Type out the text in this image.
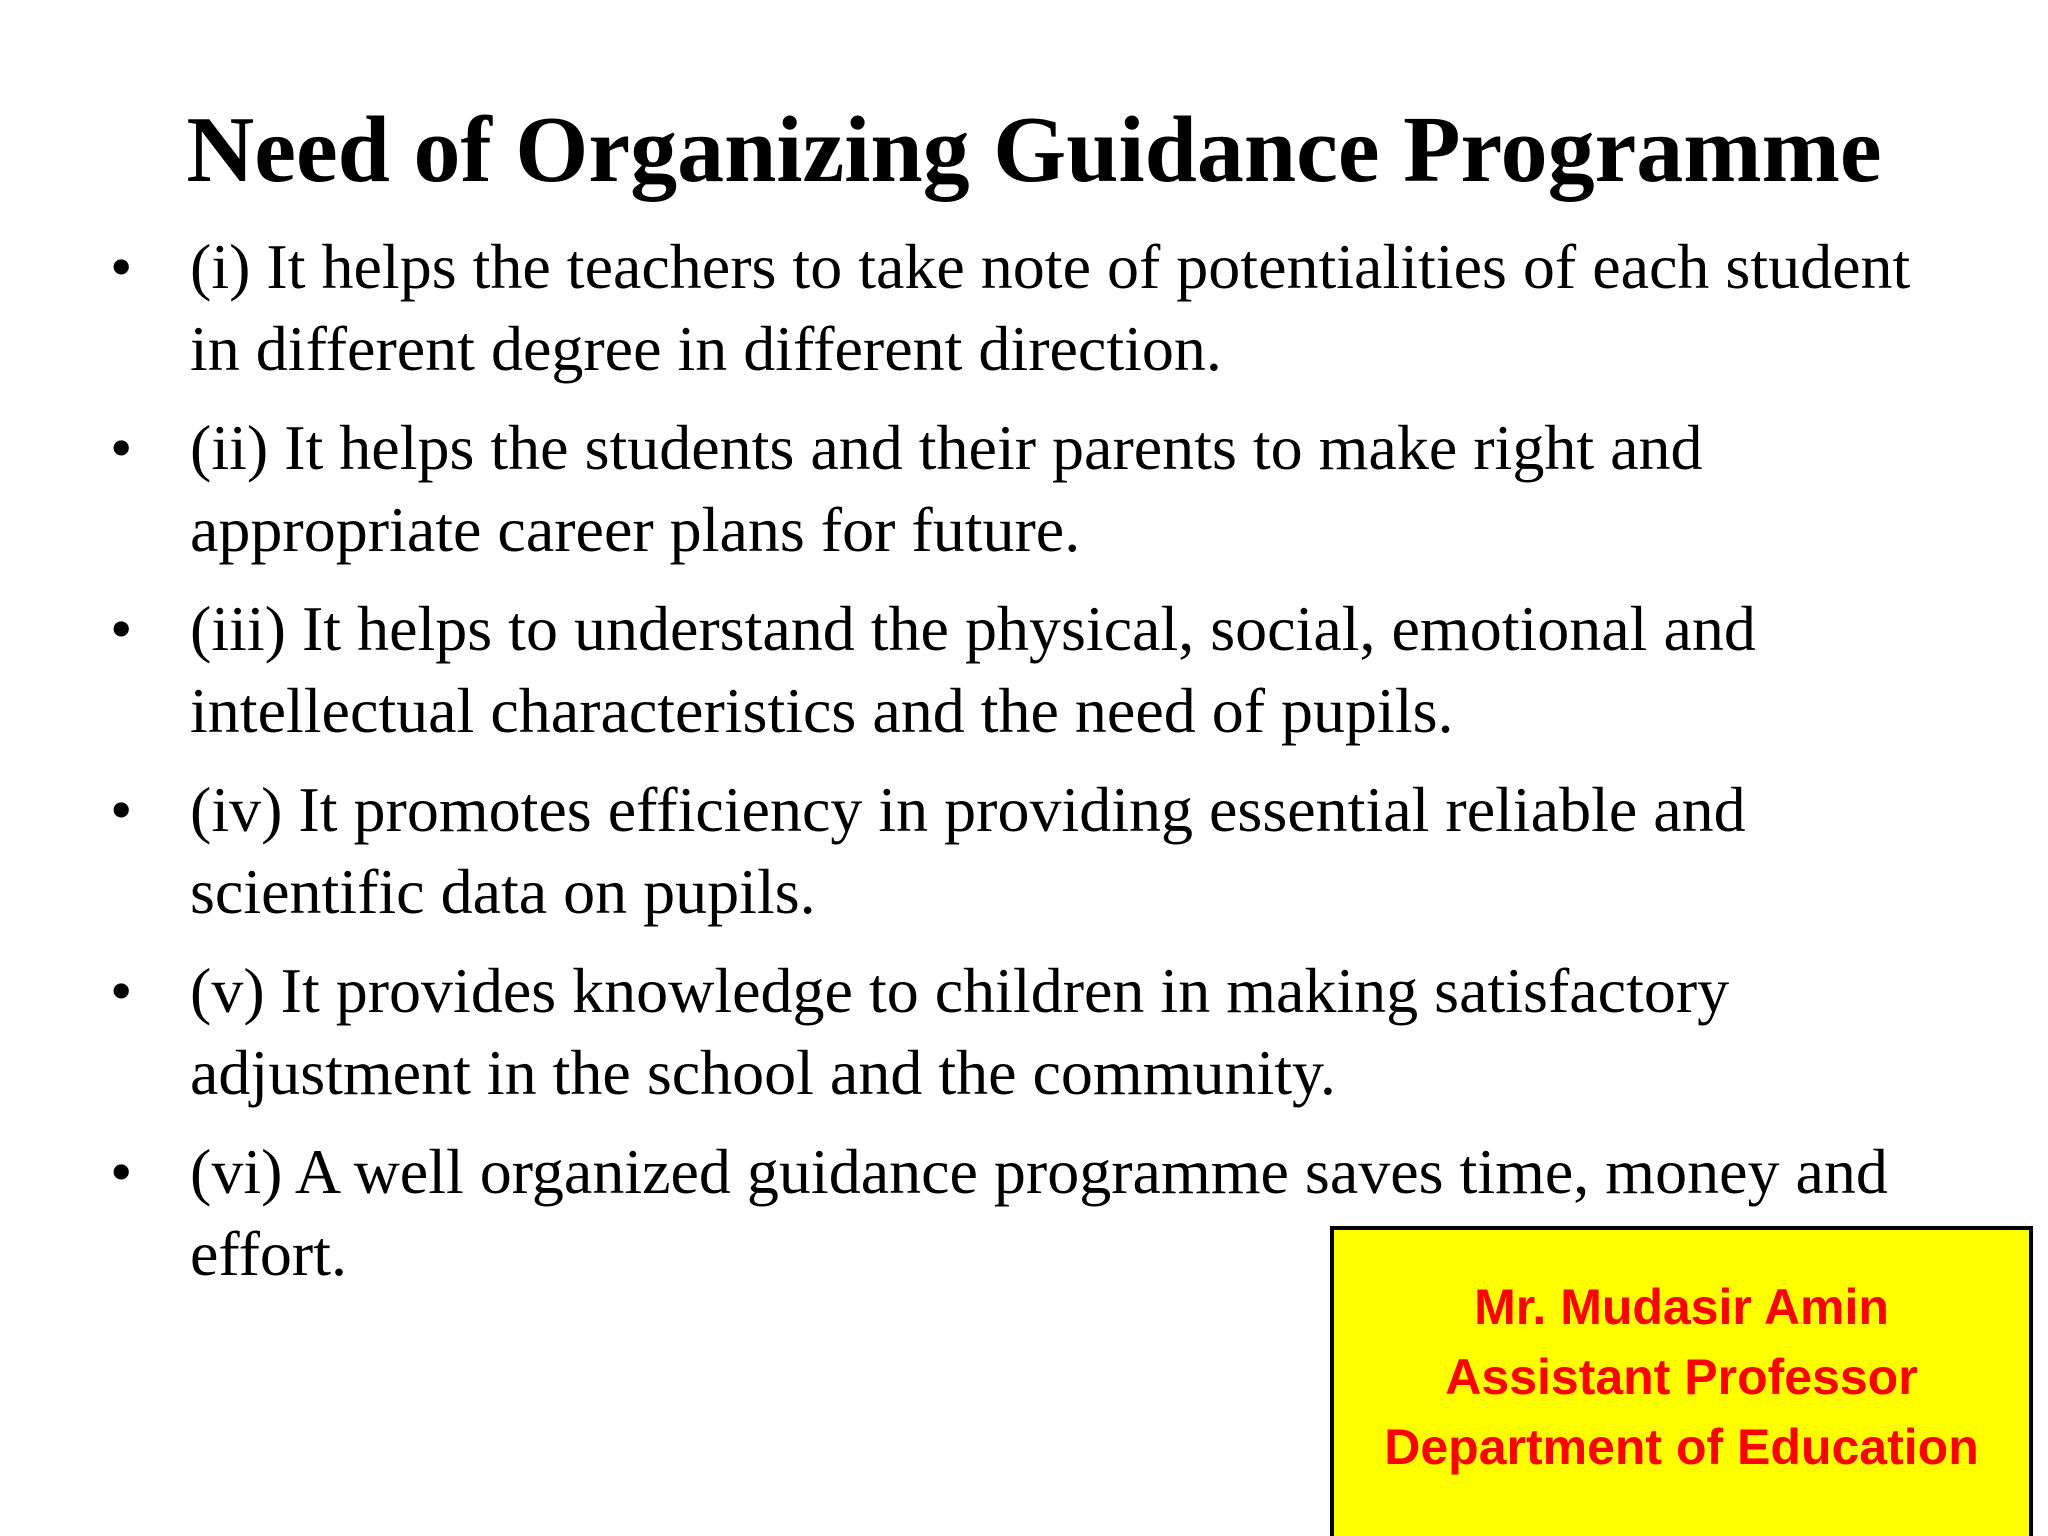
Need of Organizing Guidance Programme
• (i) It helps the teachers to take note of potentialities of each student in different degree in different direction.
• (ii) It helps the students and their parents to make right and appropriate career plans for future.
• (iii) It helps to understand the physical, social, emotional and intellectual characteristics and the need of pupils.
• (iv) It promotes efficiency in providing essential reliable and scientific data on pupils.
• (v) It provides knowledge to children in making satisfactory adjustment in the school and the community.
• (vi) A well organized guidance programme saves time, money and effort.
Mr. Mudasir Amin
Assistant Professor
Department of Education
